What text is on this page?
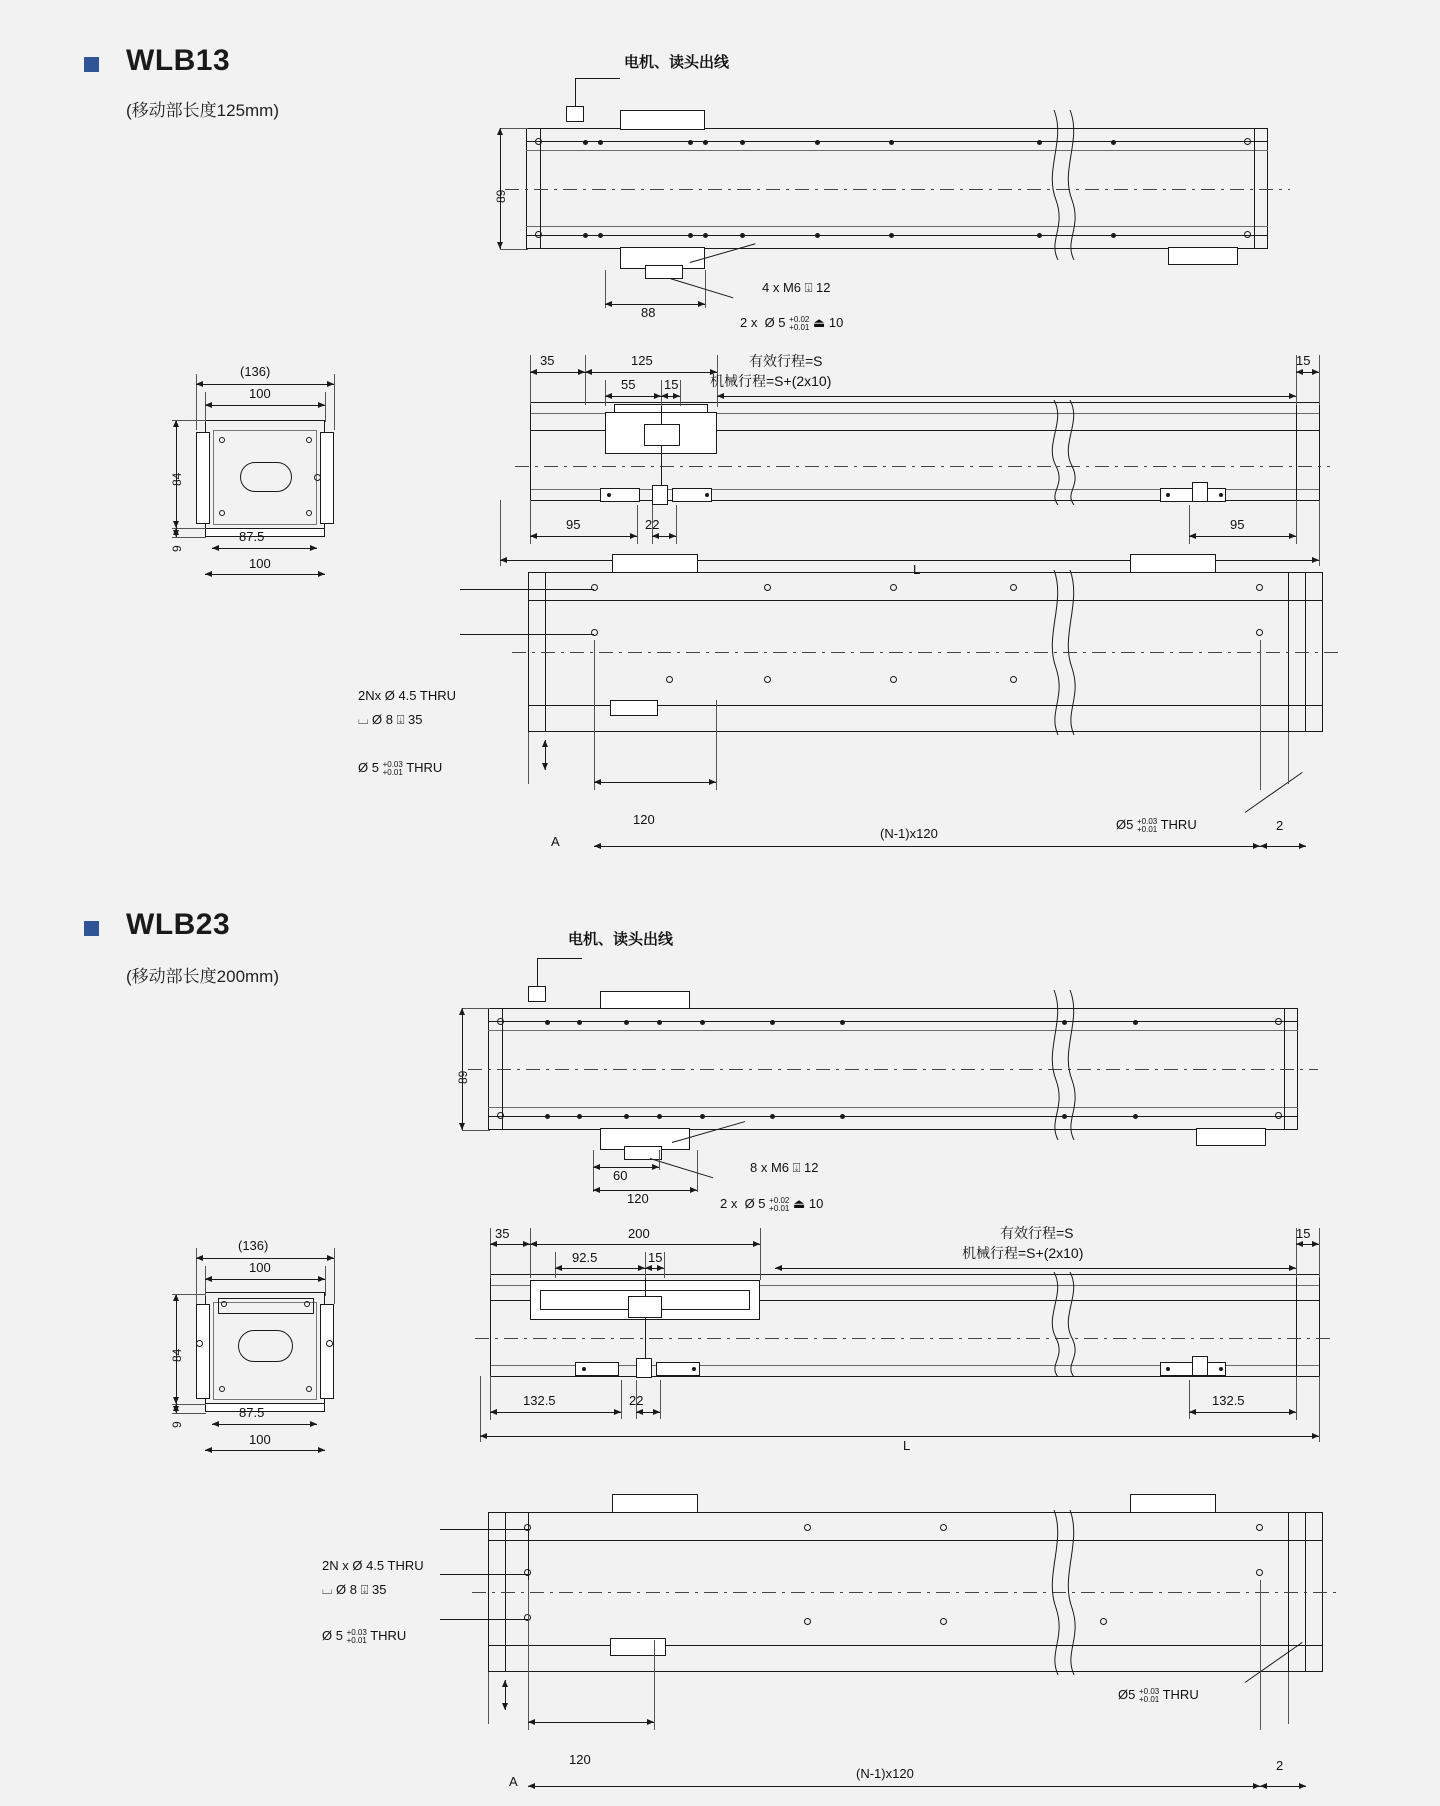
WLB13
(移动部长度125mm)
电机、读头出线
89
88
4 x M6 ⍗ 12
2 x  Ø 5 +0.02
+0.01 ⏏ 10
(136)
100
84
9
87.5
100
35	125	15
55 15
有效行程=S
机械行程=S+(2x10)
95	22	95
L
2Nx Ø 4.5 THRU
⌴ Ø 8 ⍗ 35
Ø 5 +0.03
+0.01 THRU
Ø5 +0.03
+0.01 THRU
A
120
(N-1)x120
2
WLB23
(移动部长度200mm)
电机、读头出线
89
60
120
8 x M6 ⍗ 12
2 x  Ø 5 +0.02
+0.01 ⏏ 10
(136)
100
84
9
87.5
100
35	200	15
92.5	15
有效行程=S
机械行程=S+(2x10)
132.5	22	132.5
L
2N x Ø 4.5 THRU
⌴ Ø 8 ⍗ 35
Ø 5 +0.03
+0.01 THRU
Ø5 +0.03
+0.01 THRU
A
120
(N-1)x120
2
